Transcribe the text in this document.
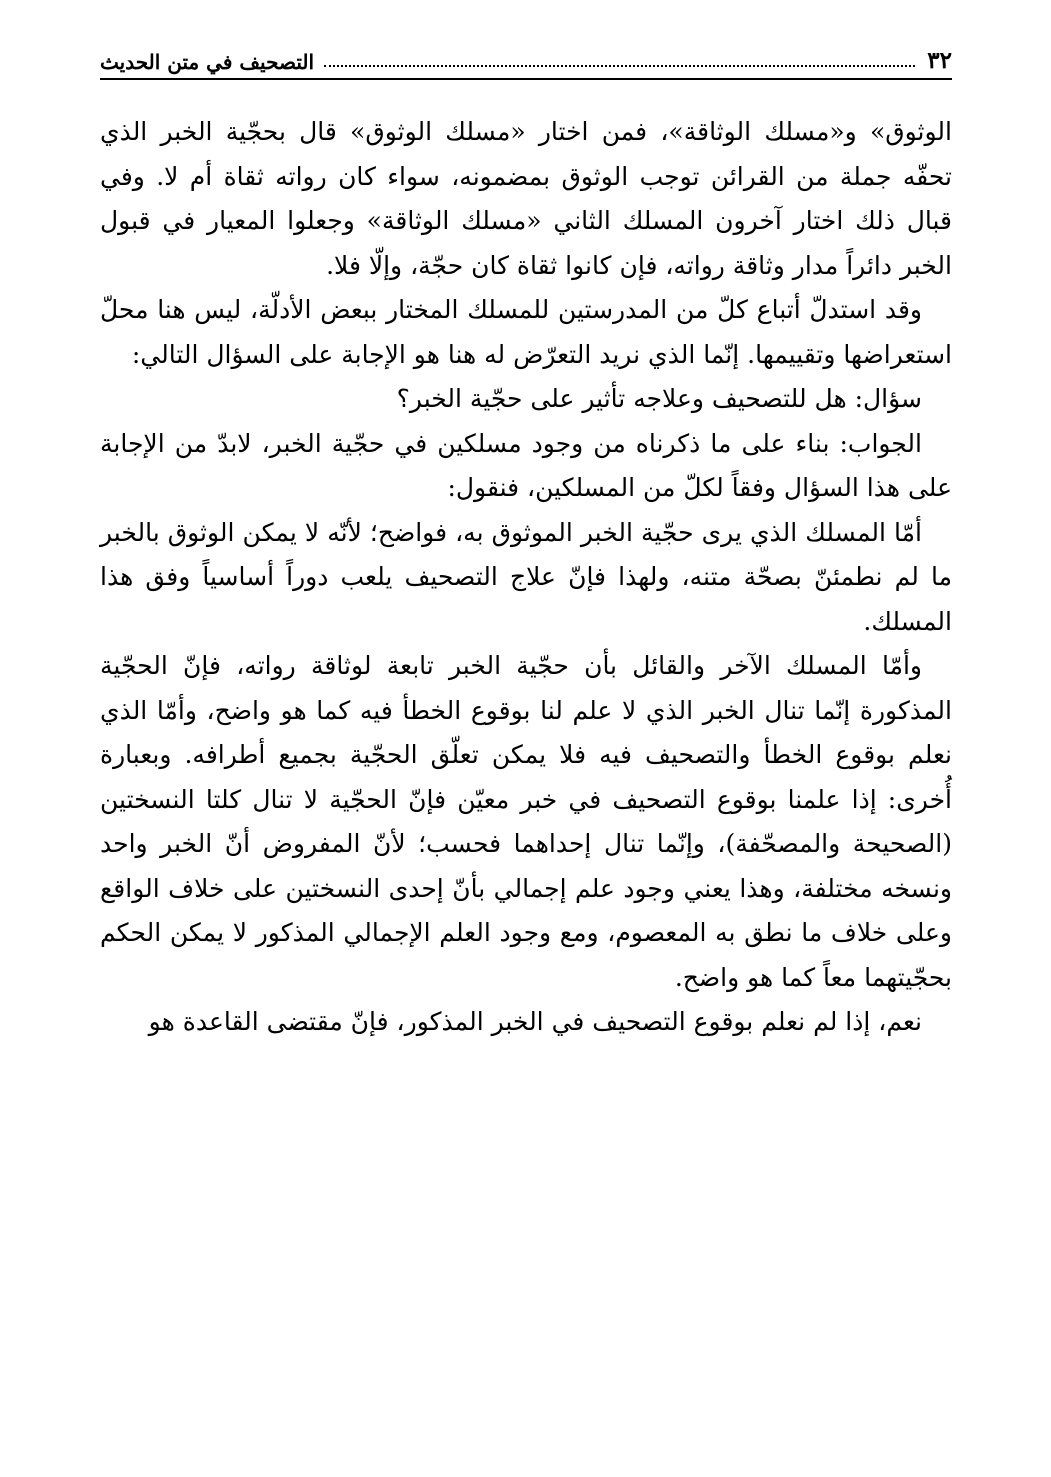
٣٢
التصحيف في متن الحديث

الوثوق» و«مسلك الوثاقة»، فمن اختار «مسلك الوثوق» قال بحجّية الخبر الذي تحفّه جملة من القرائن توجب الوثوق بمضمونه، سواء كان رواته ثقاة أم لا. وفي قبال ذلك اختار آخرون المسلك الثاني «مسلك الوثاقة» وجعلوا المعيار في قبول الخبر دائراً مدار وثاقة رواته، فإن كانوا ثقاة كان حجّة، وإلّا فلا.

وقد استدلّ أتباع كلّ من المدرستين للمسلك المختار ببعض الأدلّة، ليس هنا محلّ استعراضها وتقييمها. إنّما الذي نريد التعرّض له هنا هو الإجابة على السؤال التالي:

سؤال: هل للتصحيف وعلاجه تأثير على حجّية الخبر؟

الجواب: بناء على ما ذكرناه من وجود مسلكين في حجّية الخبر، لابدّ من الإجابة على هذا السؤال وفقاً لكلّ من المسلكين، فنقول:

أمّا المسلك الذي يرى حجّية الخبر الموثوق به، فواضح؛ لأنّه لا يمكن الوثوق بالخبر ما لم نطمئنّ بصحّة متنه، ولهذا فإنّ علاج التصحيف يلعب دوراً أساسياً وفق هذا المسلك.

وأمّا المسلك الآخر والقائل بأن حجّية الخبر تابعة لوثاقة رواته، فإنّ الحجّية المذكورة إنّما تنال الخبر الذي لا علم لنا بوقوع الخطأ فيه كما هو واضح، وأمّا الذي نعلم بوقوع الخطأ والتصحيف فيه فلا يمكن تعلّق الحجّية بجميع أطرافه. وبعبارة أُخرى: إذا علمنا بوقوع التصحيف في خبر معيّن فإنّ الحجّية لا تنال كلتا النسختين (الصحيحة والمصحّفة)، وإنّما تنال إحداهما فحسب؛ لأنّ المفروض أنّ الخبر واحد ونسخه مختلفة، وهذا يعني وجود علم إجمالي بأنّ إحدى النسختين على خلاف الواقع وعلى خلاف ما نطق به المعصوم، ومع وجود العلم الإجمالي المذكور لا يمكن الحكم بحجّيتهما معاً كما هو واضح.

نعم، إذا لم نعلم بوقوع التصحيف في الخبر المذكور، فإنّ مقتضى القاعدة هو
